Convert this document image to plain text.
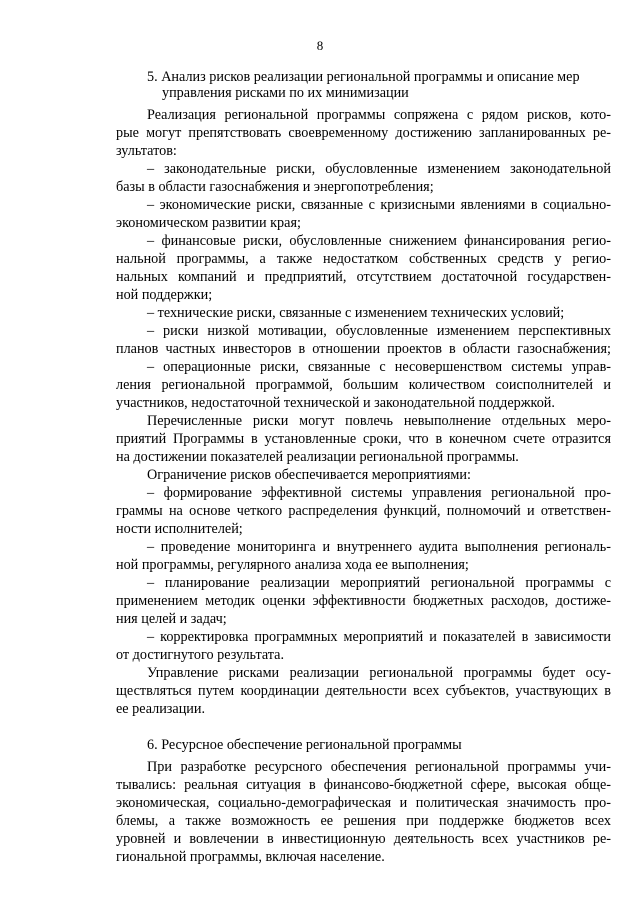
8
5. Анализ рисков реализации региональной программы и описание мер
управления рисками по их минимизации
Реализация региональной программы сопряжена с рядом рисков, кото-
рые могут препятствовать своевременному достижению запланированных ре-
зультатов:
– законодательные риски, обусловленные изменением законодательной
базы в области газоснабжения и энергопотребления;
– экономические риски, связанные с кризисными явлениями в социально-
экономическом развитии края;
– финансовые риски, обусловленные снижением финансирования регио-
нальной программы, а также недостатком собственных средств у регио-
нальных компаний и предприятий, отсутствием достаточной государствен-
ной поддержки;
– технические риски, связанные с изменением технических условий;
– риски низкой мотивации, обусловленные изменением перспективных
планов частных инвесторов в отношении проектов в области газоснабжения;
– операционные риски, связанные с несовершенством системы управ-
ления региональной программой, большим количеством соисполнителей и
участников, недостаточной технической и законодательной поддержкой.
Перечисленные риски могут повлечь невыполнение отдельных меро-
приятий Программы в установленные сроки, что в конечном счете отразится
на достижении показателей реализации региональной программы.
Ограничение рисков обеспечивается мероприятиями:
– формирование эффективной системы управления региональной про-
граммы на основе четкого распределения функций, полномочий и ответствен-
ности исполнителей;
– проведение мониторинга и внутреннего аудита выполнения региональ-
ной программы, регулярного анализа хода ее выполнения;
– планирование реализации мероприятий региональной программы с
применением методик оценки эффективности бюджетных расходов, достиже-
ния целей и задач;
– корректировка программных мероприятий и показателей в зависимости
от достигнутого результата.
Управление рисками реализации региональной программы будет осу-
ществляться путем координации деятельности всех субъектов, участвующих в
ее реализации.
6. Ресурсное обеспечение региональной программы
При разработке ресурсного обеспечения региональной программы учи-
тывались: реальная ситуация в финансово-бюджетной сфере, высокая обще-
экономическая, социально-демографическая и политическая значимость про-
блемы, а также возможность ее решения при поддержке бюджетов всех
уровней и вовлечении в инвестиционную деятельность всех участников ре-
гиональной программы, включая население.
